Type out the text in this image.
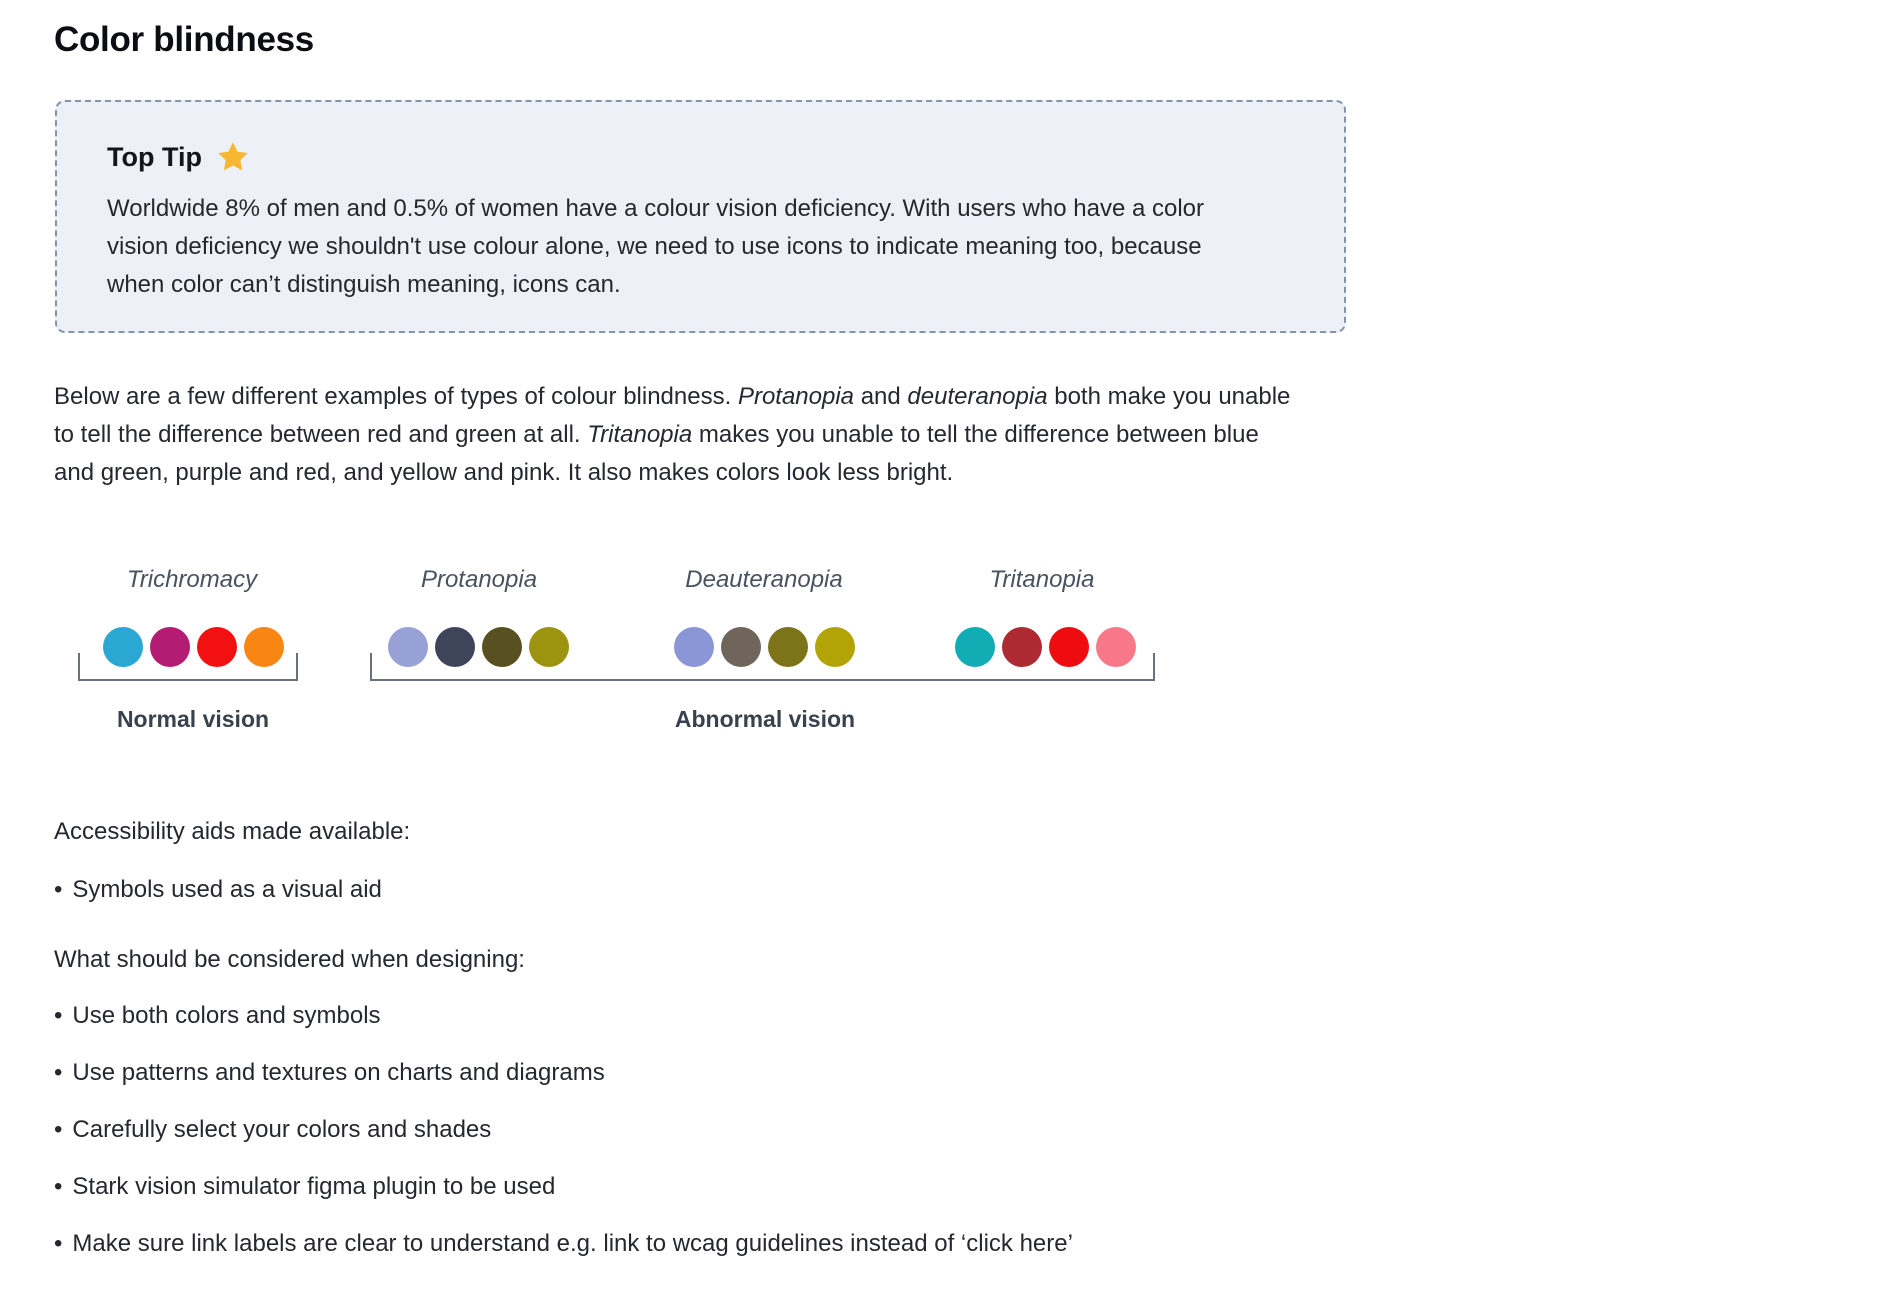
Color blindness
Top Tip

Worldwide 8% of men and 0.5% of women have a colour vision deficiency. With users who have a color vision deficiency we shouldn't use colour alone, we need to use icons to indicate meaning too, because when color can’t distinguish meaning, icons can.

Below are a few different examples of types of colour blindness. Protanopia and deuteranopia both make you unable to tell the difference between red and green at all. Tritanopia makes you unable to tell the difference between blue and green, purple and red, and yellow and pink. It also makes colors look less bright.

Trichromacy	Protanopia	Deauteranopia	Tritanopia
Normal vision	Abnormal vision

Accessibility aids made available:

• Symbols used as a visual aid

What should be considered when designing:

• Use both colors and symbols
• Use patterns and textures on charts and diagrams
• Carefully select your colors and shades
• Stark vision simulator figma plugin to be used
• Make sure link labels are clear to understand e.g. link to wcag guidelines instead of ‘click here’
